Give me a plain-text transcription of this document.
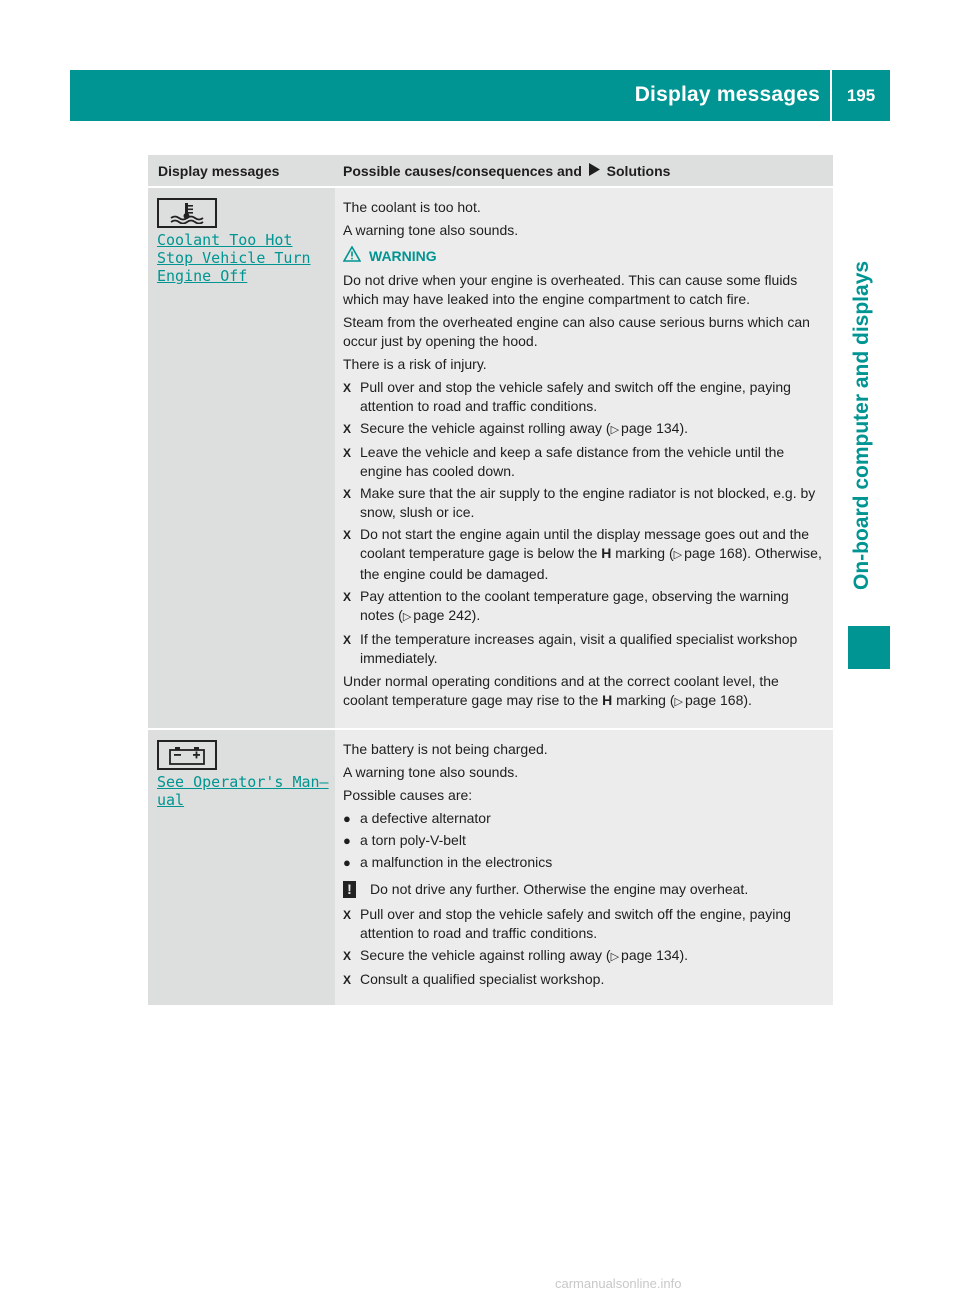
Display messages	195
On-board computer and displays
Display messages	Possible causes/consequences and Solutions
Coolant Too Hot
Stop Vehicle Turn
Engine Off
The coolant is too hot.
A warning tone also sounds.
WARNING
Do not drive when your engine is overheated. This can cause some fluids which may have leaked into the engine compartment to catch fire.
Steam from the overheated engine can also cause serious burns which can occur just by opening the hood.
There is a risk of injury.
X Pull over and stop the vehicle safely and switch off the engine, paying attention to road and traffic conditions.
X Secure the vehicle against rolling away (▷ page 134).
X Leave the vehicle and keep a safe distance from the vehicle until the engine has cooled down.
X Make sure that the air supply to the engine radiator is not blocked, e.g. by snow, slush or ice.
X Do not start the engine again until the display message goes out and the coolant temperature gage is below the H marking (▷ page 168). Otherwise, the engine could be damaged.
X Pay attention to the coolant temperature gage, observing the warning notes (▷ page 242).
X If the temperature increases again, visit a qualified specialist workshop immediately.
Under normal operating conditions and at the correct coolant level, the coolant temperature gage may rise to the H marking (▷ page 168).
See Operator's Man–
ual
The battery is not being charged.
A warning tone also sounds.
Possible causes are:
● a defective alternator
● a torn poly-V-belt
● a malfunction in the electronics
!	Do not drive any further. Otherwise the engine may overheat.
X Pull over and stop the vehicle safely and switch off the engine, paying attention to road and traffic conditions.
X Secure the vehicle against rolling away (▷ page 134).
X Consult a qualified specialist workshop.
carmanualsonline.info
